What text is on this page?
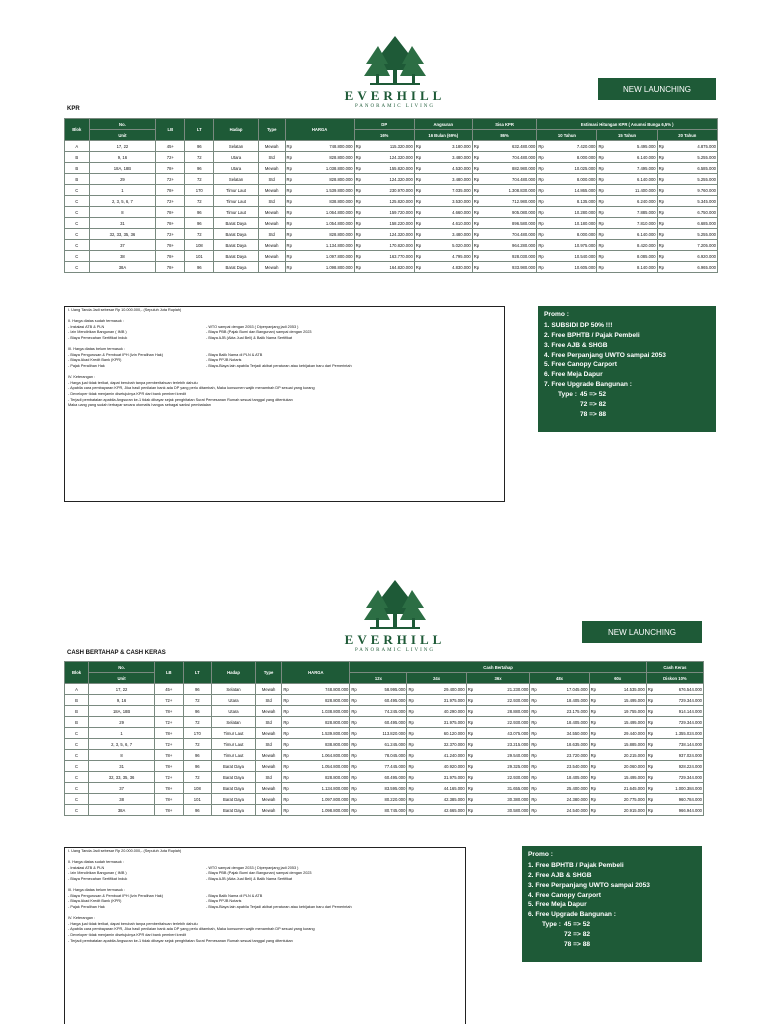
EVERHILL
PANORAMIC LIVING
NEW LAUNCHING
KPR
Blok	No.	LB	LT	Hadap	Type	HARGA		DP		Angsuran		Sisa KPR		Estimasi Hitungan KPR ( Asumsi Bunga 6,5% )					
	Unit							16%		16 Bulan (69%)		86%		10 Tahun		15 Tahun		20 Tahun	
A	17, 22	45+	96	Selatan	Mewah	Rp	748.800.000	Rp	115.320.000	Rp	3.180.000	Rp	632.480.000	Rp	7.420.000	Rp	5.495.000	Rp	4.875.000
B	9, 16	72+	72	Utara	Std	Rp	828.800.000	Rp	124.320.000	Rp	3.480.000	Rp	704.480.000	Rp	8.000.000	Rp	6.140.000	Rp	5.255.000
B	18A, 18B	78+	96	Utara	Mewah	Rp	1.038.800.000	Rp	155.820.000	Rp	4.530.000	Rp	882.980.000	Rp	10.025.000	Rp	7.495.000	Rp	6.585.000
B	29	72+	72	Selatan	Std	Rp	828.800.000	Rp	124.320.000	Rp	3.480.000	Rp	704.480.000	Rp	8.000.000	Rp	6.140.000	Rp	5.255.000
C	1	78+	170	Timur Laut	Mewah	Rp	1.539.800.000	Rp	230.970.000	Rp	7.035.000	Rp	1.308.830.000	Rp	14.865.000	Rp	11.400.000	Rp	9.760.000
C	2, 3, 5, 6, 7	72+	72	Timur Laut	Std	Rp	838.800.000	Rp	125.820.000	Rp	3.530.000	Rp	712.980.000	Rp	8.135.000	Rp	6.240.000	Rp	5.345.000
C	8	78+	96	Timur Laut	Mewah	Rp	1.064.800.000	Rp	159.720.000	Rp	4.660.000	Rp	905.080.000	Rp	10.280.000	Rp	7.885.000	Rp	6.750.000
C	31	78+	96	Barat Daya	Mewah	Rp	1.054.800.000	Rp	158.220.000	Rp	4.610.000	Rp	896.580.000	Rp	10.180.000	Rp	7.810.000	Rp	6.685.000
C	32, 33, 35, 36	72+	72	Barat Daya	Std	Rp	828.800.000	Rp	124.320.000	Rp	3.480.000	Rp	704.480.000	Rp	8.000.000	Rp	6.140.000	Rp	5.255.000
C	37	78+	108	Barat Daya	Mewah	Rp	1.134.800.000	Rp	170.820.000	Rp	5.020.000	Rp	964.280.000	Rp	10.975.000	Rp	8.420.000	Rp	7.205.000
C	38	78+	101	Barat Daya	Mewah	Rp	1.097.800.000	Rp	163.770.000	Rp	4.795.000	Rp	928.030.000	Rp	10.540.000	Rp	8.085.000	Rp	6.920.000
C	38A	78+	96	Barat Daya	Mewah	Rp	1.098.800.000	Rp	164.820.000	Rp	4.830.000	Rp	933.980.000	Rp	10.605.000	Rp	8.140.000	Rp	6.965.000
I. Uang Tanda Jadi sebesar Rp 10.000.000,- (Sepuluh Juta Rupiah)
II. Harga diatas sudah termasuk :
- Instalasi ATB & PLN	- WTO sampai dengan 2053 ( Diperpanjang jadi 2053 )
- Izin Mendirikan Bangunan ( IMB )	- Biaya PBB (Pajak Bumi dan Bangunan) sampai dengan 2023
- Biaya Pemecahan Sertifikat Induk	- Biaya AJB (Akta Jual Beli) & Balik Nama Sertifikat
III. Harga diatas belum termasuk :
- Biaya Pengurusan & Pembuat IPH (Izin Peralihan Hak)	- Biaya Balik Nama di PLN & ATB
- Biaya Akad Kredit Bank (KPR)	- Biaya PPJB Notaris
- Pajak Peralihan Hak	- Biaya-Biaya lain apabila Terjadi akibat peraturan atau kebijakan baru dari Pemerintah
IV. Keterangan :
- Harga jual tidak terikat, dapat berubah tanpa pemberitahuan terlebih dahulu
- Apabila cara pembayaran KPR, Jika hasil penilaian bank ada DP yang perlu ditambah, Maka konsumen wajib menambah DP sesuai yang kurang
- Developer tidak menjamin disetujuinya KPR dari bank pemberi kredit
- Terjadi pembatalan apabila Angsuran ke-1 tidak dibayar sejak penghitatan Surat Pemesanan Rumah sesuai tanggal yang ditentukan
Maka uang yang sudah terbayar secara otomatis hangus sebagai sanksi pembatalan
Promo :
1. SUBSIDI DP 50% !!!
2. Free BPHTB / Pajak Pembeli
3. Free AJB & SHGB
4. Free Perpanjang UWTO sampai 2053
5. Free Canopy Carport
6. Free Meja Dapur
7. Free Upgrade Bangunan :
Type : 45 => 52
72 => 82
78 => 88
EVERHILL
PANORAMIC LIVING
NEW LAUNCHING
CASH BERTAHAP & CASH KERAS
Blok	No.	LB	LT	Hadap	Type	HARGA		Cash Bertahap										Cash Keras	
	Unit							12x		24x		36x		48x		60x		Diskon 10%	
A	17, 22	45+	96	Selatan	Mewah	Rp	748.800.000	Rp	58.995.000	Rp	29.400.000	Rp	21.230.000	Rp	17.045.000	Rp	14.535.000	Rp	676.544.000
B	9, 16	72+	72	Utara	Std	Rp	828.800.000	Rp	60.495.000	Rp	31.975.000	Rp	22.930.000	Rp	18.405.000	Rp	15.495.000	Rp	729.344.000
B	18A, 18B	78+	96	Utara	Mewah	Rp	1.038.800.000	Rp	74.245.000	Rp	40.290.000	Rp	28.880.000	Rp	23.175.000	Rp	19.755.000	Rp	914.144.000
B	29	72+	72	Selatan	Std	Rp	828.800.000	Rp	60.495.000	Rp	31.975.000	Rp	22.930.000	Rp	18.405.000	Rp	15.495.000	Rp	729.344.000
C	1	78+	170	Timur Laut	Mewah	Rp	1.539.800.000	Rp	113.820.000	Rp	60.120.000	Rp	43.075.000	Rp	34.550.000	Rp	29.440.000	Rp	1.355.024.000
C	2, 3, 5, 6, 7	72+	72	Timur Laut	Std	Rp	838.800.000	Rp	61.245.000	Rp	32.370.000	Rp	23.215.000	Rp	18.635.000	Rp	15.885.000	Rp	738.144.000
C	8	78+	96	Timur Laut	Mewah	Rp	1.064.800.000	Rp	78.045.000	Rp	41.240.000	Rp	29.540.000	Rp	23.720.000	Rp	20.215.000	Rp	937.024.000
C	31	78+	96	Barat Daya	Mewah	Rp	1.054.800.000	Rp	77.445.000	Rp	40.920.000	Rp	29.325.000	Rp	23.540.000	Rp	20.060.000	Rp	928.224.000
C	32, 33, 35, 36	72+	72	Barat Daya	Std	Rp	828.800.000	Rp	60.495.000	Rp	31.975.000	Rp	22.930.000	Rp	18.405.000	Rp	15.495.000	Rp	729.344.000
C	37	78+	108	Barat Daya	Mewah	Rp	1.134.800.000	Rp	83.595.000	Rp	44.165.000	Rp	31.655.000	Rp	25.400.000	Rp	21.645.000	Rp	1.000.384.000
C	38	78+	101	Barat Daya	Mewah	Rp	1.097.800.000	Rp	80.220.000	Rp	42.385.000	Rp	30.380.000	Rp	24.380.000	Rp	20.775.000	Rp	960.784.000
C	38A	78+	96	Barat Daya	Mewah	Rp	1.098.800.000	Rp	80.745.000	Rp	42.665.000	Rp	30.580.000	Rp	24.540.000	Rp	20.915.000	Rp	966.944.000
I. Uang Tanda Jadi sebesar Rp 20.000.000,- (Sepuluh Juta Rupiah)
II. Harga diatas sudah termasuk :
- Instalasi ATB & PLN	- WTO sampai dengan 2033 ( Diperpanjang jadi 2053 )
- Izin Mendirikan Bangunan ( IMB )	- Biaya PBB (Pajak Bumi dan Bangunan) sampai dengan 2023
- Biaya Pemecahan Sertifikat Induk	- Biaya AJB (Akta Jual Beli) & Balik Nama Sertifikat
III. Harga diatas belum termasuk :
- Biaya Pengurusan & Pembuat IPH (Izin Peralihan Hak)	- Biaya Balik Nama di PLN & ATB
- Biaya Akad Kredit Bank (KPR)	- Biaya PPJB Notaris
- Pajak Peralihan Hak	- Biaya-Biaya lain apabila Terjadi akibat peraturan atau kebijakan baru dari Pemerintah
IV. Keterangan :
- Harga jual tidak terikat, dapat berubah tanpa pemberitahuan terlebih dahulu
- Apabila cara pembayaran KPR, Jika hasil penilaian bank ada DP yang perlu ditambah, Maka konsumen wajib menambah DP sesuai yang kurang
- Developer tidak menjamin disetujuinya KPR dari bank pemberi kredit
- Terjadi pembatalan apabila Angsuran ke-1 tidak dibayar sejak penghitatan Surat Pemesanan Rumah sesuai tanggal yang ditentukan
Promo :
1. Free BPHTB / Pajak Pembeli
2. Free AJB & SHGB
3. Free Perpanjang UWTO sampai 2053
4. Free Canopy Carport
5. Free Meja Dapur
6. Free Upgrade Bangunan :
Type : 45 => 52
72 => 82
78 => 88
